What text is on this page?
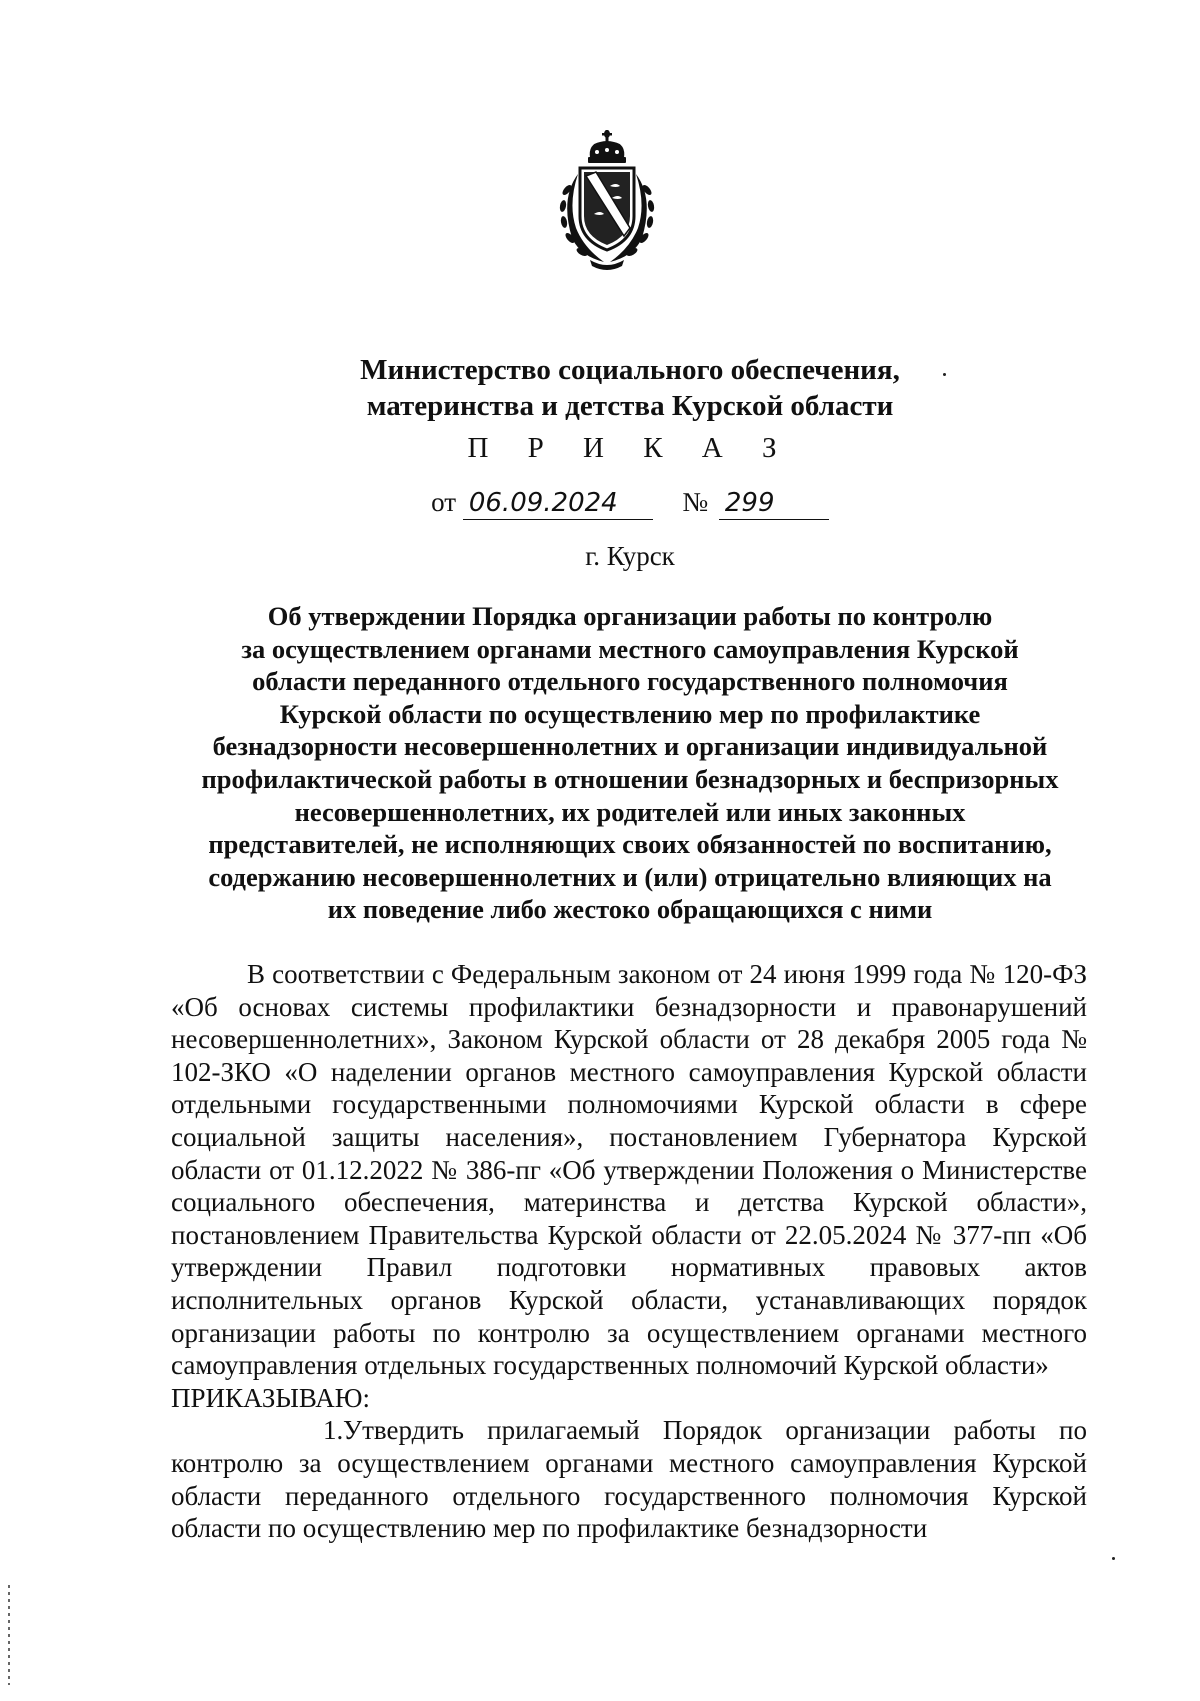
Министерство социального обеспечения,
материнства и детства Курской области
П Р И К А З
от 06.09.2024 № 299
г. Курск
Об утверждении Порядка организации работы по контролю
за осуществлением органами местного самоуправления Курской
области переданного отдельного государственного полномочия
Курской области по осуществлению мер по профилактике
безнадзорности несовершеннолетних и организации индивидуальной
профилактической работы в отношении безнадзорных и беспризорных
несовершеннолетних, их родителей или иных законных
представителей, не исполняющих своих обязанностей по воспитанию,
содержанию несовершеннолетних и (или) отрицательно влияющих на
их поведение либо жестоко обращающихся с ними

В соответствии с Федеральным законом от 24 июня 1999 года № 120-ФЗ «Об основах системы профилактики безнадзорности и правонарушений несовершеннолетних», Законом Курской области от 28 декабря 2005 года № 102-ЗКО «О наделении органов местного самоуправления Курской области отдельными государственными полномочиями Курской области в сфере социальной защиты населения», постановлением Губернатора Курской области от 01.12.2022 № 386-пг «Об утверждении Положения о Министерстве социального обеспечения, материнства и детства Курской области», постановлением Правительства Курской области от 22.05.2024 № 377-пп «Об утверждении Правил подготовки нормативных правовых актов исполнительных органов Курской области, устанавливающих порядок организации работы по контролю за осуществлением органами местного самоуправления отдельных государственных полномочий Курской области»

ПРИКАЗЫВАЮ:

1.Утвердить прилагаемый Порядок организации работы по контролю за осуществлением органами местного самоуправления Курской области переданного отдельного государственного полномочия Курской области по осуществлению мер по профилактике безнадзорности
